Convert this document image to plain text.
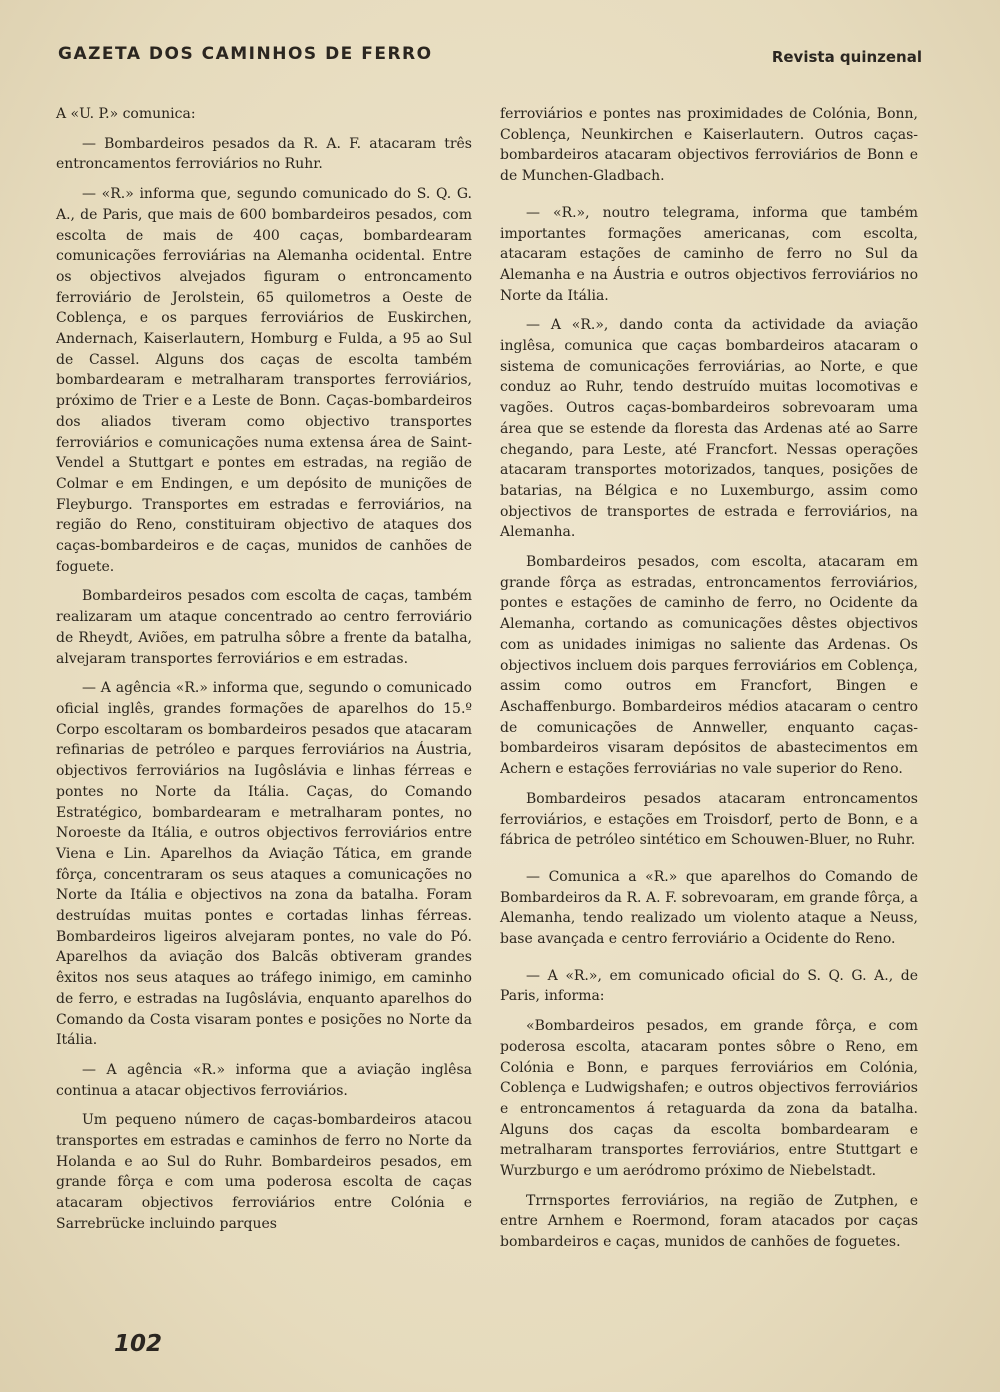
GAZETA DOS CAMINHOS DE FERRO	Revista quinzenal

A «U. P.» comunica:

— Bombardeiros pesados da R. A. F. atacaram três entroncamentos ferroviários no Ruhr.

— «R.» informa que, segundo comunicado do S. Q. G. A., de Paris, que mais de 600 bombardeiros pesados, com escolta de mais de 400 caças, bombardearam comunicações ferroviárias na Alemanha ocidental. Entre os objectivos alvejados figuram o entroncamento ferroviário de Jerolstein, 65 quilometros a Oeste de Coblença, e os parques ferroviários de Euskirchen, Andernach, Kaiserlautern, Homburg e Fulda, a 95 ao Sul de Cassel. Alguns dos caças de escolta também bombardearam e metralharam transportes ferroviários, próximo de Trier e a Leste de Bonn. Caças-bombardeiros dos aliados tiveram como objectivo transportes ferroviários e comunicações numa extensa área de Saint-Vendel a Stuttgart e pontes em estradas, na região de Colmar e em Endingen, e um depósito de munições de Fleyburgo. Transportes em estradas e ferroviários, na região do Reno, constituiram objectivo de ataques dos caças-bombardeiros e de caças, munidos de canhões de foguete.

Bombardeiros pesados com escolta de caças, também realizaram um ataque concentrado ao centro ferroviário de Rheydt, Aviões, em patrulha sôbre a frente da batalha, alvejaram transportes ferroviários e em estradas.

— A agência «R.» informa que, segundo o comunicado oficial inglês, grandes formações de aparelhos do 15.º Corpo escoltaram os bombardeiros pesados que atacaram refinarias de petróleo e parques ferroviários na Áustria, objectivos ferroviários na Iugôslávia e linhas férreas e pontes no Norte da Itália. Caças, do Comando Estratégico, bombardearam e metralharam pontes, no Noroeste da Itália, e outros objectivos ferroviários entre Viena e Lin. Aparelhos da Aviação Tática, em grande fôrça, concentraram os seus ataques a comunicações no Norte da Itália e objectivos na zona da batalha. Foram destruídas muitas pontes e cortadas linhas férreas. Bombardeiros ligeiros alvejaram pontes, no vale do Pó. Aparelhos da aviação dos Balcãs obtiveram grandes êxitos nos seus ataques ao tráfego inimigo, em caminho de ferro, e estradas na Iugôslávia, enquanto aparelhos do Comando da Costa visaram pontes e posições no Norte da Itália.

— A agência «R.» informa que a aviação inglêsa continua a atacar objectivos ferroviários.

Um pequeno número de caças-bombardeiros atacou transportes em estradas e caminhos de ferro no Norte da Holanda e ao Sul do Ruhr. Bombardeiros pesados, em grande fôrça e com uma poderosa escolta de caças atacaram objectivos ferroviários entre Colónia e Sarrebrücke incluindo parques

ferroviários e pontes nas proximidades de Colónia, Bonn, Coblença, Neunkirchen e Kaiserlautern. Outros caças-bombardeiros atacaram objectivos ferroviários de Bonn e de Munchen-Gladbach.

— «R.», noutro telegrama, informa que também importantes formações americanas, com escolta, atacaram estações de caminho de ferro no Sul da Alemanha e na Áustria e outros objectivos ferroviários no Norte da Itália.

— A «R.», dando conta da actividade da aviação inglêsa, comunica que caças bombardeiros atacaram o sistema de comunicações ferroviárias, ao Norte, e que conduz ao Ruhr, tendo destruído muitas locomotivas e vagões. Outros caças-bombardeiros sobrevoaram uma área que se estende da floresta das Ardenas até ao Sarre chegando, para Leste, até Francfort. Nessas operações atacaram transportes motorizados, tanques, posições de batarias, na Bélgica e no Luxemburgo, assim como objectivos de transportes de estrada e ferroviários, na Alemanha.

Bombardeiros pesados, com escolta, atacaram em grande fôrça as estradas, entroncamentos ferroviários, pontes e estações de caminho de ferro, no Ocidente da Alemanha, cortando as comunicações dêstes objectivos com as unidades inimigas no saliente das Ardenas. Os objectivos incluem dois parques ferroviários em Coblença, assim como outros em Francfort, Bingen e Aschaffenburgo. Bombardeiros médios atacaram o centro de comunicações de Annweller, enquanto caças-bombardeiros visaram depósitos de abastecimentos em Achern e estações ferroviárias no vale superior do Reno.

Bombardeiros pesados atacaram entroncamentos ferroviários, e estações em Troisdorf, perto de Bonn, e a fábrica de petróleo sintético em Schouwen-Bluer, no Ruhr.

— Comunica a «R.» que aparelhos do Comando de Bombardeiros da R. A. F. sobrevoaram, em grande fôrça, a Alemanha, tendo realizado um violento ataque a Neuss, base avançada e centro ferroviário a Ocidente do Reno.

— A «R.», em comunicado oficial do S. Q. G. A., de Paris, informa:

«Bombardeiros pesados, em grande fôrça, e com poderosa escolta, atacaram pontes sôbre o Reno, em Colónia e Bonn, e parques ferroviários em Colónia, Coblença e Ludwigshafen; e outros objectivos ferroviários e entroncamentos á retaguarda da zona da batalha. Alguns dos caças da escolta bombardearam e metralharam transportes ferroviários, entre Stuttgart e Wurzburgo e um aeródromo próximo de Niebelstadt.

Trrnsportes ferroviários, na região de Zutphen, e entre Arnhem e Roermond, foram atacados por caças bombardeiros e caças, munidos de canhões de foguetes.

102
